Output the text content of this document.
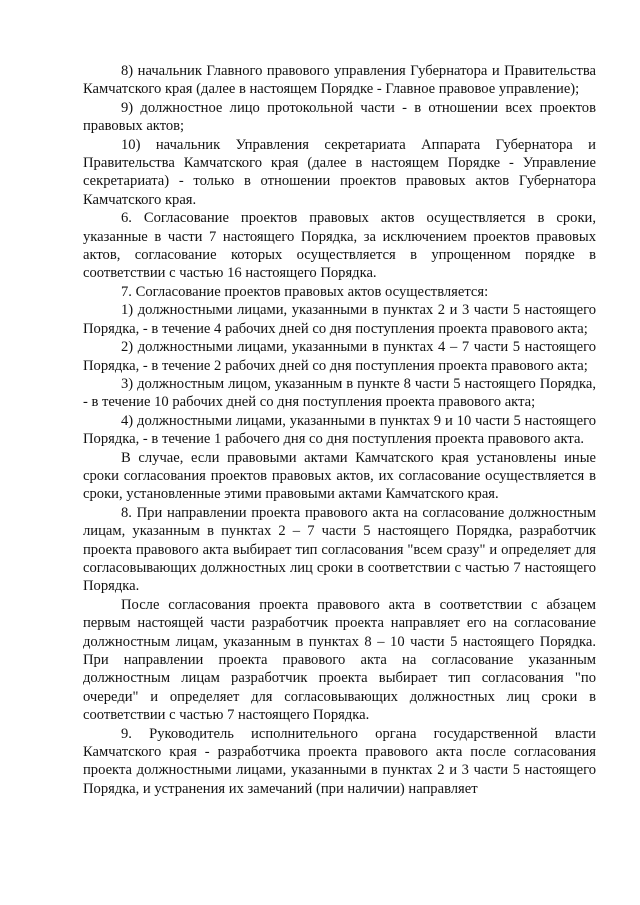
8) начальник Главного правового управления Губернатора и Правительства Камчатского края (далее в настоящем Порядке - Главное правовое управление);

9) должностное лицо протокольной части - в отношении всех проектов правовых актов;

10) начальник Управления секретариата Аппарата Губернатора и Правительства Камчатского края (далее в настоящем Порядке - Управление секретариата) - только в отношении проектов правовых актов Губернатора Камчатского края.

6. Согласование проектов правовых актов осуществляется в сроки, указанные в части 7 настоящего Порядка, за исключением проектов правовых актов, согласование которых осуществляется в упрощенном порядке в соответствии с частью 16 настоящего Порядка.

7. Согласование проектов правовых актов осуществляется:

1) должностными лицами, указанными в пунктах 2 и 3 части 5 настоящего Порядка, - в течение 4 рабочих дней со дня поступления проекта правового акта;

2) должностными лицами, указанными в пунктах 4 – 7 части 5 настоящего Порядка, - в течение 2 рабочих дней со дня поступления проекта правового акта;

3) должностным лицом, указанным в пункте 8 части 5 настоящего Порядка, - в течение 10 рабочих дней со дня поступления проекта правового акта;

4) должностными лицами, указанными в пунктах 9 и 10 части 5 настоящего Порядка, - в течение 1 рабочего дня со дня поступления проекта правового акта.

В случае, если правовыми актами Камчатского края установлены иные сроки согласования проектов правовых актов, их согласование осуществляется в сроки, установленные этими правовыми актами Камчатского края.

8. При направлении проекта правового акта на согласование должностным лицам, указанным в пунктах 2 – 7 части 5 настоящего Порядка, разработчик проекта правового акта выбирает тип согласования "всем сразу" и определяет для согласовывающих должностных лиц сроки в соответствии с частью 7 настоящего Порядка.

После согласования проекта правового акта в соответствии с абзацем первым настоящей части разработчик проекта направляет его на согласование должностным лицам, указанным в пунктах 8 – 10 части 5 настоящего Порядка. При направлении проекта правового акта на согласование указанным должностным лицам разработчик проекта выбирает тип согласования "по очереди" и определяет для согласовывающих должностных лиц сроки в соответствии с частью 7 настоящего Порядка.

9. Руководитель исполнительного органа государственной власти Камчатского края - разработчика проекта правового акта после согласования проекта должностными лицами, указанными в пунктах 2 и 3 части 5 настоящего Порядка, и устранения их замечаний (при наличии) направляет
